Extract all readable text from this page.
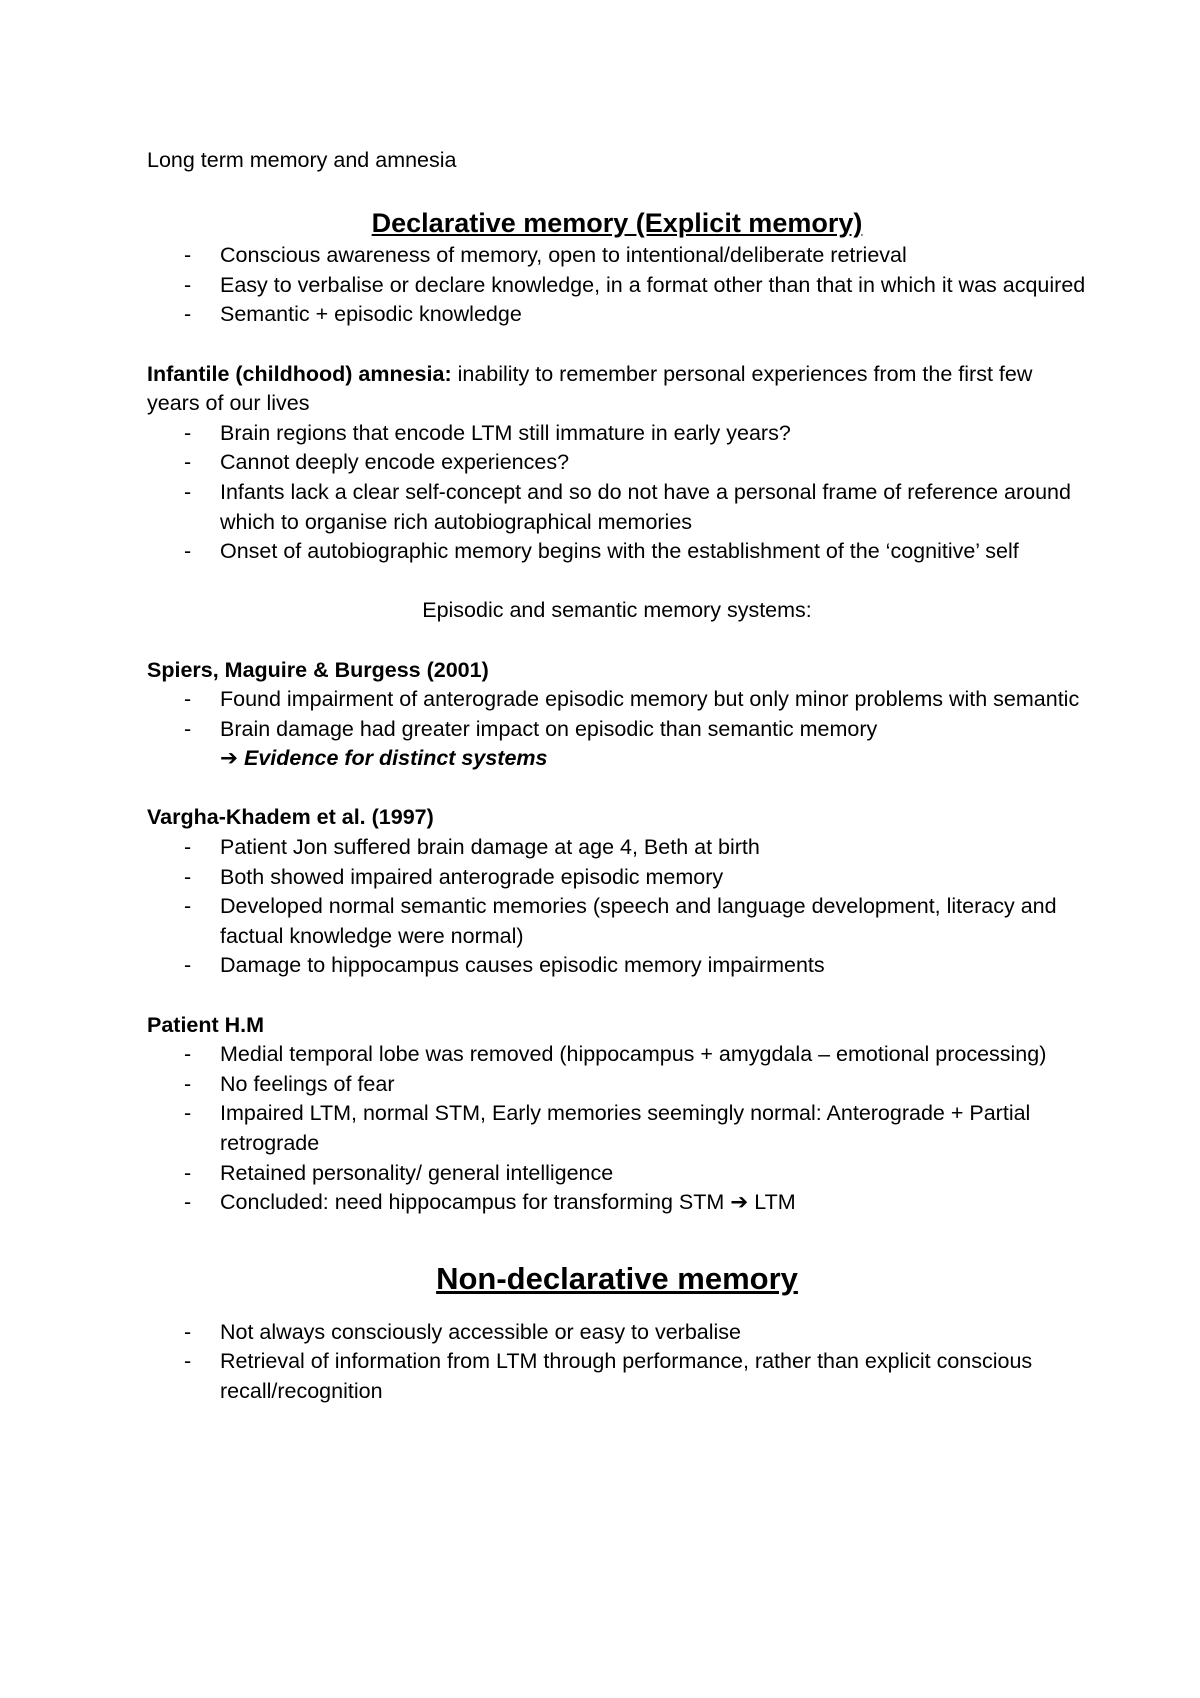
Long term memory and amnesia

Declarative memory (Explicit memory)

- Conscious awareness of memory, open to intentional/deliberate retrieval
- Easy to verbalise or declare knowledge, in a format other than that in which it was acquired
- Semantic + episodic knowledge

Infantile (childhood) amnesia: inability to remember personal experiences from the first few years of our lives

- Brain regions that encode LTM still immature in early years?
- Cannot deeply encode experiences?
- Infants lack a clear self-concept and so do not have a personal frame of reference around which to organise rich autobiographical memories
- Onset of autobiographic memory begins with the establishment of the ‘cognitive’ self

Episodic and semantic memory systems:

Spiers, Maguire & Burgess (2001)

- Found impairment of anterograde episodic memory but only minor problems with semantic
- Brain damage had greater impact on episodic than semantic memory

➔ Evidence for distinct systems

Vargha-Khadem et al. (1997)

- Patient Jon suffered brain damage at age 4, Beth at birth
- Both showed impaired anterograde episodic memory
- Developed normal semantic memories (speech and language development, literacy and factual knowledge were normal)
- Damage to hippocampus causes episodic memory impairments

Patient H.M

- Medial temporal lobe was removed (hippocampus + amygdala – emotional processing)
- No feelings of fear
- Impaired LTM, normal STM, Early memories seemingly normal: Anterograde + Partial retrograde
- Retained personality/ general intelligence
- Concluded: need hippocampus for transforming STM ➔ LTM

Non-declarative memory

- Not always consciously accessible or easy to verbalise
- Retrieval of information from LTM through performance, rather than explicit conscious recall/recognition
